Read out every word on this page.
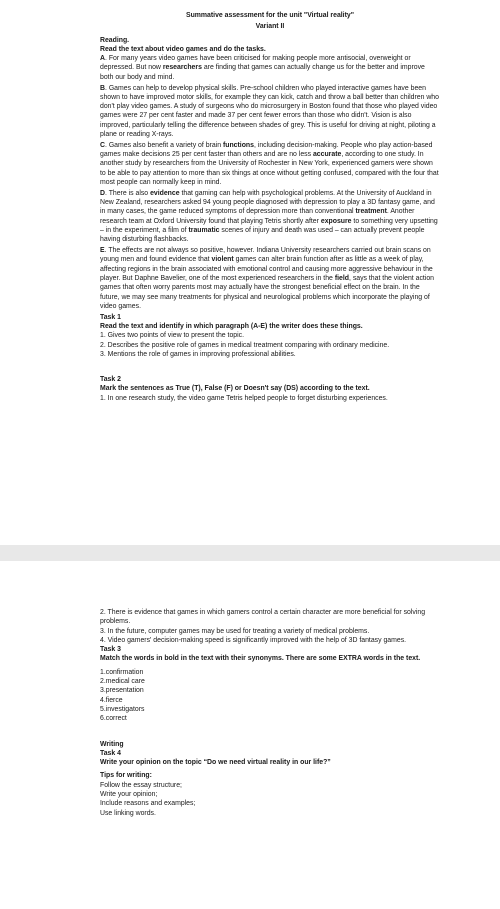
Summative assessment for the unit "Virtual reality"
Variant II
Reading.
Read the text about video games and do the tasks.

A. For many years video games have been criticised for making people more antisocial, overweight or depressed. But now researchers are finding that games can actually change us for the better and improve both our body and mind.

B. Games can help to develop physical skills. Pre-school children who played interactive games have been shown to have improved motor skills, for example they can kick, catch and throw a ball better than children who don't play video games. A study of surgeons who do microsurgery in Boston found that those who played video games were 27 per cent faster and made 37 per cent fewer errors than those who didn't. Vision is also improved, particularly telling the difference between shades of grey. This is useful for driving at night, piloting a plane or reading X-rays.

C. Games also benefit a variety of brain functions, including decision-making. People who play action-based games make decisions 25 per cent faster than others and are no less accurate, according to one study. In another study by researchers from the University of Rochester in New York, experienced gamers were shown to be able to pay attention to more than six things at once without getting confused, compared with the four that most people can normally keep in mind.

D. There is also evidence that gaming can help with psychological problems. At the University of Auckland in New Zealand, researchers asked 94 young people diagnosed with depression to play a 3D fantasy game, and in many cases, the game reduced symptoms of depression more than conventional treatment. Another research team at Oxford University found that playing Tetris shortly after exposure to something very upsetting – in the experiment, a film of traumatic scenes of injury and death was used – can actually prevent people having disturbing flashbacks.

E. The effects are not always so positive, however. Indiana University researchers carried out brain scans on young men and found evidence that violent games can alter brain function after as little as a week of play, affecting regions in the brain associated with emotional control and causing more aggressive behaviour in the player. But Daphne Bavelier, one of the most experienced researchers in the field, says that the violent action games that often worry parents most may actually have the strongest beneficial effect on the brain. In the future, we may see many treatments for physical and neurological problems which incorporate the playing of video games.

Task 1
Read the text and identify in which paragraph (A-E) the writer does these things.
1. Gives two points of view to present the topic.
2. Describes the positive role of games in medical treatment comparing with ordinary medicine.
3. Mentions the role of games in improving professional abilities.
Task 2
Mark the sentences as True (T), False (F) or Doesn't say (DS) according to the text.
1. In one research study, the video game Tetris helped people to forget disturbing experiences.
2. There is evidence that games in which gamers control a certain character are more beneficial for solving problems.
3. In the future, computer games may be used for treating a variety of medical problems.
4. Video gamers' decision-making speed is significantly improved with the help of 3D fantasy games.
Task 3
Match the words in bold in the text with their synonyms. There are some EXTRA words in the text.
1.confirmation
2.medical care
3.presentation
4.fierce
5.investigators
6.correct
Writing
Task 4
Write your opinion on the topic “Do we need virtual reality in our life?”
Tips for writing:
Follow the essay structure;
Write your opinion;
Include reasons and examples;
Use linking words.
